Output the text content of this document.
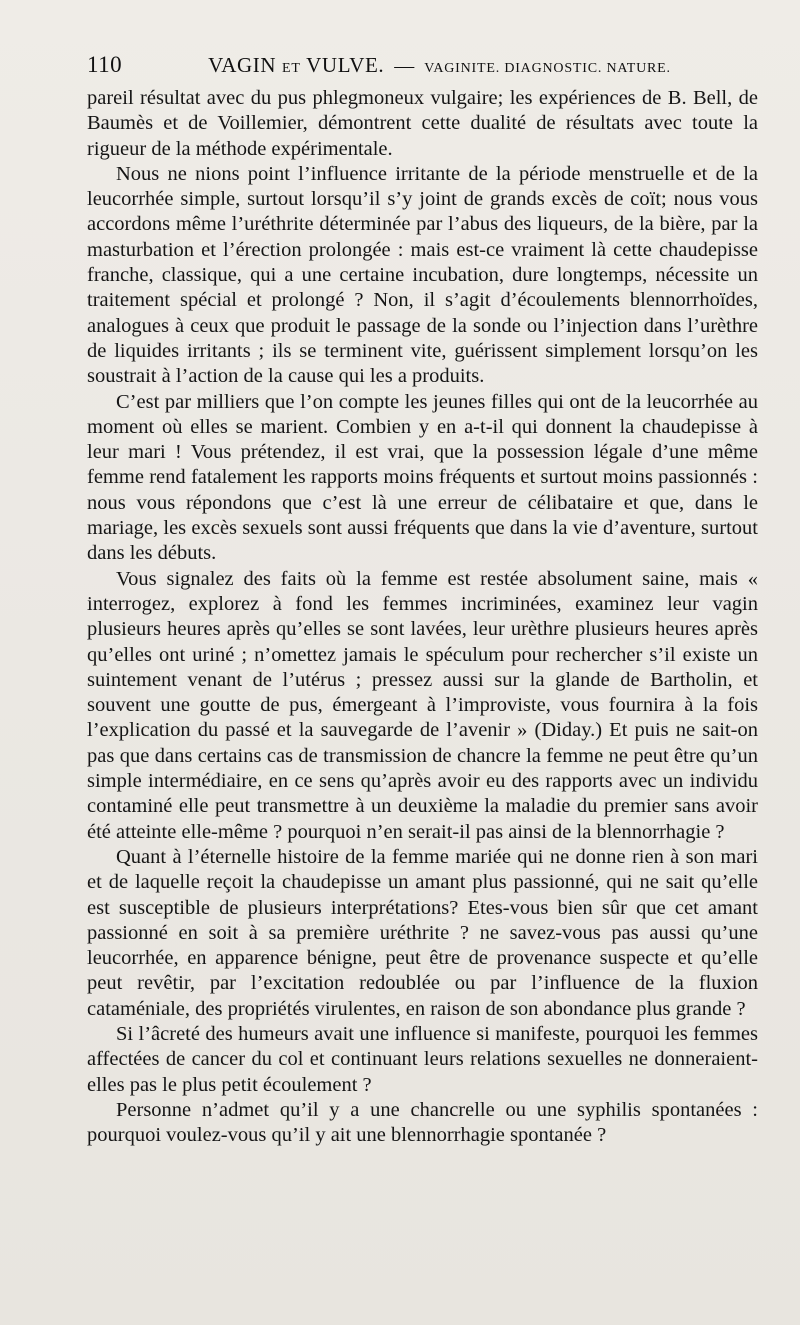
110	VAGIN ET VULVE. — VAGINITE. DIAGNOSTIC. NATURE.

pareil résultat avec du pus phlegmoneux vulgaire; les expériences de B. Bell, de Baumès et de Voillemier, démontrent cette dualité de résultats avec toute la rigueur de la méthode expérimentale.

Nous ne nions point l’influence irritante de la période menstruelle et de la leucorrhée simple, surtout lorsqu’il s’y joint de grands excès de coït; nous vous accordons même l’uréthrite déterminée par l’abus des liqueurs, de la bière, par la masturbation et l’érection prolongée : mais est-ce vraiment là cette chaudepisse franche, classique, qui a une certaine incubation, dure longtemps, nécessite un traitement spécial et prolongé ? Non, il s’agit d’écoulements blennorrhoïdes, analogues à ceux que produit le passage de la sonde ou l’injection dans l’urèthre de liquides irritants ; ils se terminent vite, guérissent simplement lorsqu’on les soustrait à l’action de la cause qui les a produits.

C’est par milliers que l’on compte les jeunes filles qui ont de la leucorrhée au moment où elles se marient. Combien y en a-t-il qui donnent la chaudepisse à leur mari ! Vous prétendez, il est vrai, que la possession légale d’une même femme rend fatalement les rapports moins fréquents et surtout moins passionnés : nous vous répondons que c’est là une erreur de célibataire et que, dans le mariage, les excès sexuels sont aussi fréquents que dans la vie d’aventure, surtout dans les débuts.

Vous signalez des faits où la femme est restée absolument saine, mais « interrogez, explorez à fond les femmes incriminées, examinez leur vagin plusieurs heures après qu’elles se sont lavées, leur urèthre plusieurs heures après qu’elles ont uriné ; n’omettez jamais le spéculum pour rechercher s’il existe un suintement venant de l’utérus ; pressez aussi sur la glande de Bartholin, et souvent une goutte de pus, émergeant à l’improviste, vous fournira à la fois l’explication du passé et la sauvegarde de l’avenir » (Diday.) Et puis ne sait-on pas que dans certains cas de transmission de chancre la femme ne peut être qu’un simple intermédiaire, en ce sens qu’après avoir eu des rapports avec un individu contaminé elle peut transmettre à un deuxième la maladie du premier sans avoir été atteinte elle-même ? pourquoi n’en serait-il pas ainsi de la blennorrhagie ?

Quant à l’éternelle histoire de la femme mariée qui ne donne rien à son mari et de laquelle reçoit la chaudepisse un amant plus passionné, qui ne sait qu’elle est susceptible de plusieurs interprétations? Etes-vous bien sûr que cet amant passionné en soit à sa première uréthrite ? ne savez-vous pas aussi qu’une leucorrhée, en apparence bénigne, peut être de provenance suspecte et qu’elle peut revêtir, par l’excitation redoublée ou par l’influence de la fluxion cataméniale, des propriétés virulentes, en raison de son abondance plus grande ?

Si l’âcreté des humeurs avait une influence si manifeste, pourquoi les femmes affectées de cancer du col et continuant leurs relations sexuelles ne donneraient-elles pas le plus petit écoulement ?

Personne n’admet qu’il y a une chancrelle ou une syphilis spontanées : pourquoi voulez-vous qu’il y ait une blennorrhagie spontanée ?
